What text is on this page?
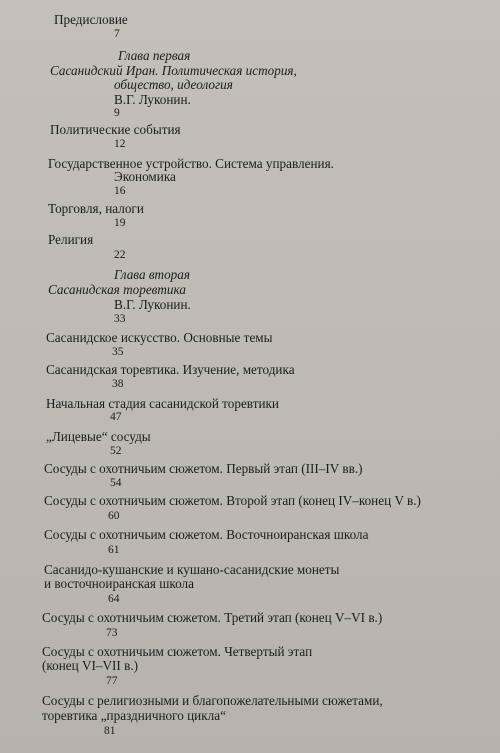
Предисловие
7
Глава первая
Сасанидский Иран. Политическая история,
общество, идеология
В.Г. Луконин.
9
Политические события
12
Государственное устройство. Система управления.
Экономика
16
Торговля, налоги
19
Религия
22
Глава вторая
Сасанидская торевтика
В.Г. Луконин.
33
Сасанидское искусство. Основные темы
35
Сасанидская торевтика. Изучение, методика
38
Начальная стадия сасанидской торевтики
47
„Лицевые“ сосуды
52
Сосуды с охотничьим сюжетом. Первый этап (III–IV вв.)
54
Сосуды с охотничьим сюжетом. Второй этап (конец IV–конец V в.)
60
Сосуды с охотничьим сюжетом. Восточноиранская школа
61
Сасанидо-кушанские и кушано-сасанидские монеты
и восточноиранская школа
64
Сосуды с охотничьим сюжетом. Третий этап (конец V–VI в.)
73
Сосуды с охотничьим сюжетом. Четвертый этап
(конец VI–VII в.)
77
Сосуды с религиозными и благопожелательными сюжетами,
торевтика „праздничного цикла“
81
